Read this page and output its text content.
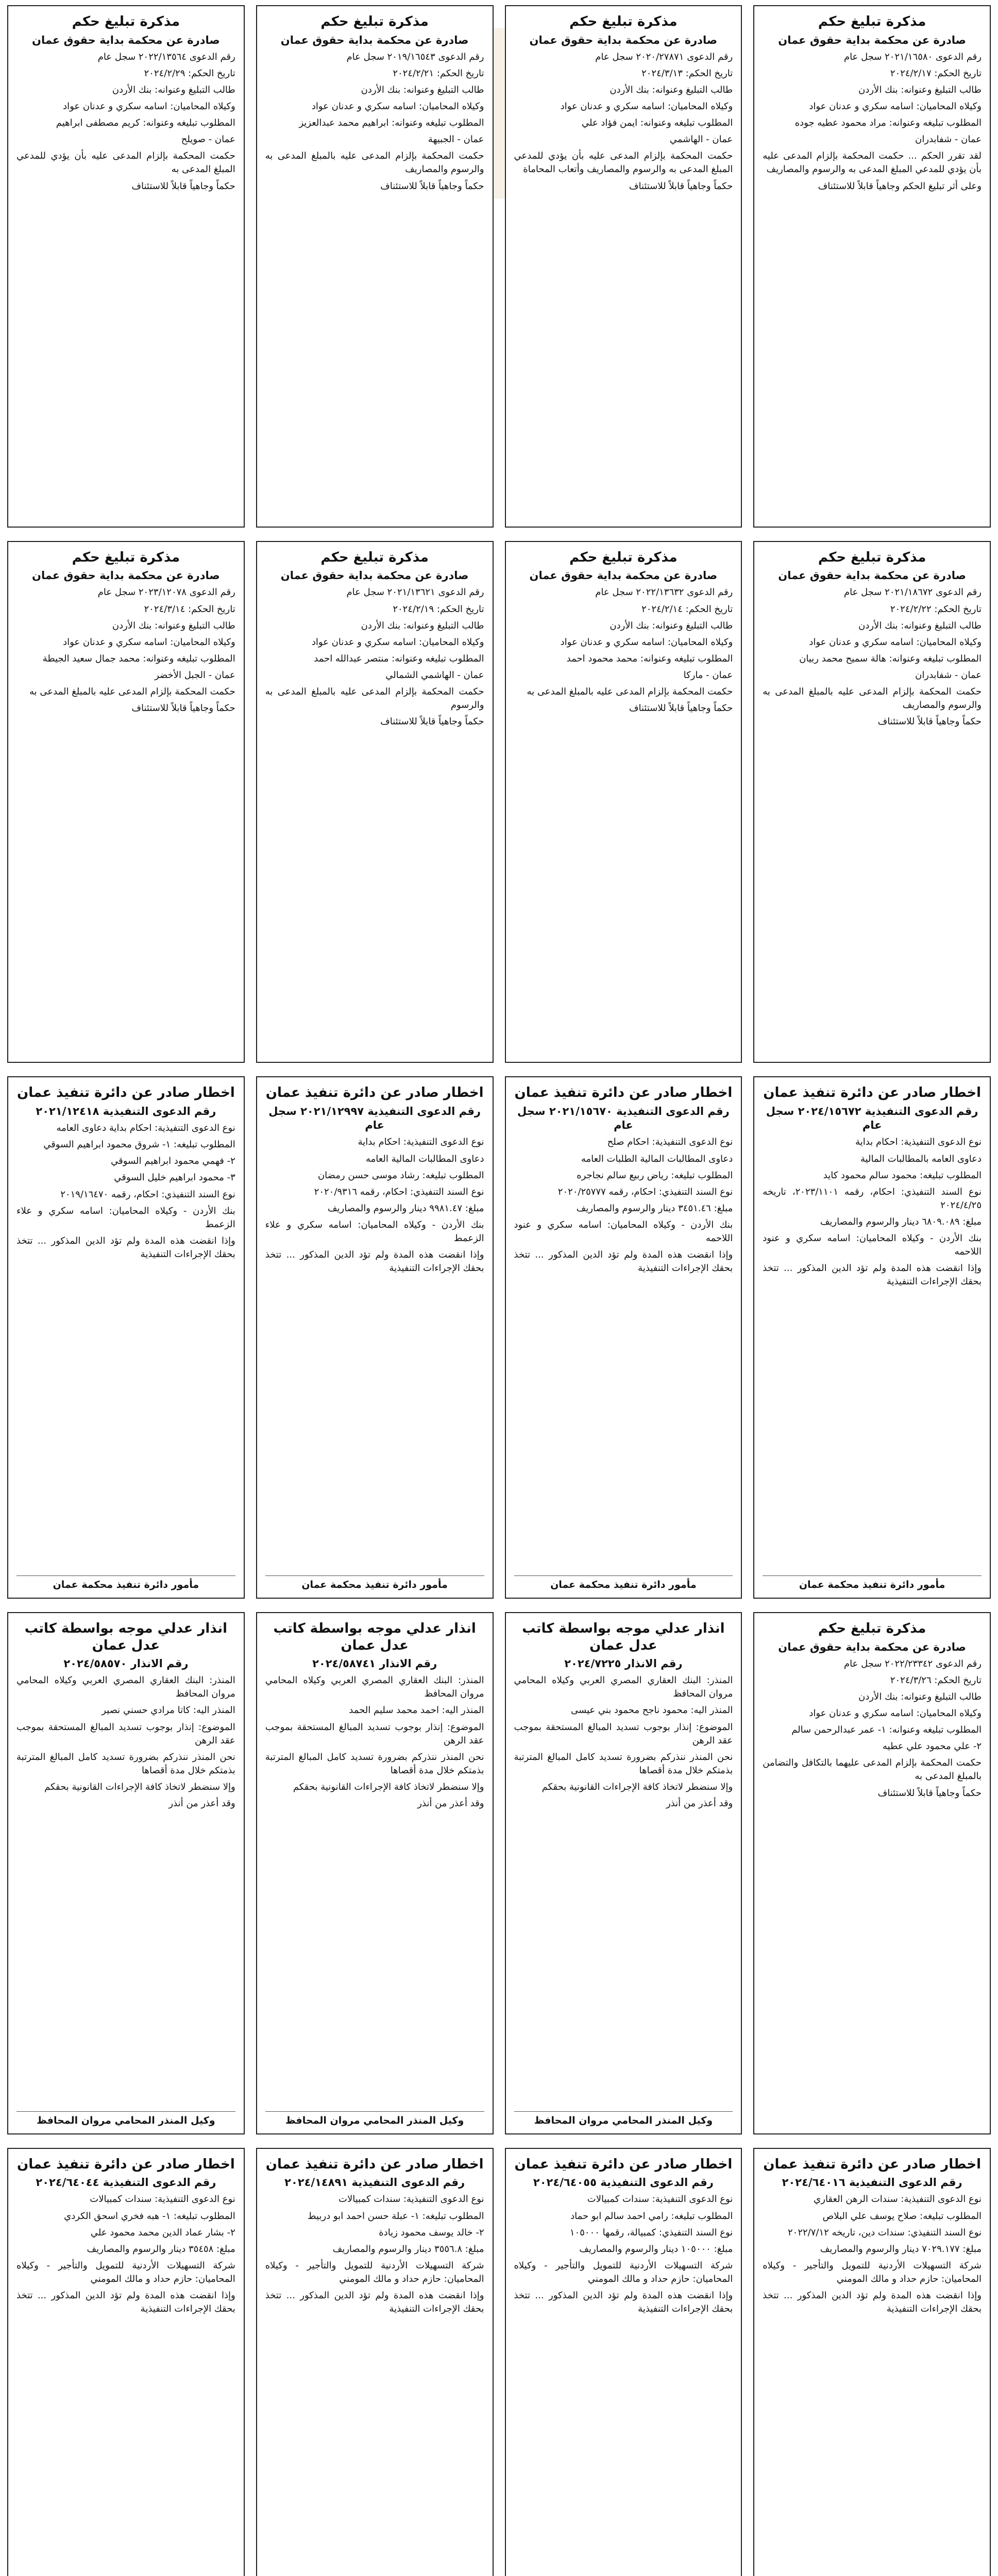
مذكرة تبليغ حكم
صادرة عن محكمة بداية حقوق عمان
رقم الدعوى ٢٠٢١/١٦٥٨٠ سجل عام
تاريخ الحكم: ٢٠٢٤/٢/١٧
طالب التبليغ وعنوانه: بنك الأردن
وكيلاه المحاميان: اسامه سكري و عدنان عواد
المطلوب تبليغه وعنوانه: مراد محمود عطيه جوده
عمان - شفابدران
لقد تقرر الحكم ... حكمت المحكمة بإلزام المدعى عليه بأن يؤدي للمدعي المبلغ المدعى به والرسوم والمصاريف
وعلى أثر تبليغ الحكم وجاهياً قابلاً للاستئناف
مذكرة تبليغ حكم
صادرة عن محكمة بداية حقوق عمان
رقم الدعوى ٢٠٢٠/٢٧٨٧١ سجل عام
تاريخ الحكم: ٢٠٢٤/٣/١٣
طالب التبليغ وعنوانه: بنك الأردن
وكيلاه المحاميان: اسامه سكري و عدنان عواد
المطلوب تبليغه وعنوانه: ايمن فؤاد علي
عمان - الهاشمي
حكمت المحكمة بإلزام المدعى عليه بأن يؤدي للمدعي المبلغ المدعى به والرسوم والمصاريف وأتعاب المحاماة
حكماً وجاهياً قابلاً للاستئناف
مذكرة تبليغ حكم
صادرة عن محكمة بداية حقوق عمان
رقم الدعوى ٢٠١٩/١٦٥٤٣ سجل عام
تاريخ الحكم: ٢٠٢٤/٢/٢١
طالب التبليغ وعنوانه: بنك الأردن
وكيلاه المحاميان: اسامه سكري و عدنان عواد
المطلوب تبليغه وعنوانه: ابراهيم محمد عبدالعزيز
عمان - الجبيهة
حكمت المحكمة بإلزام المدعى عليه بالمبلغ المدعى به والرسوم والمصاريف
حكماً وجاهياً قابلاً للاستئناف
مذكرة تبليغ حكم
صادرة عن محكمة بداية حقوق عمان
رقم الدعوى ٢٠٢٢/١٣٥٦٤ سجل عام
تاريخ الحكم: ٢٠٢٤/٢/٢٩
طالب التبليغ وعنوانه: بنك الأردن
وكيلاه المحاميان: اسامه سكري و عدنان عواد
المطلوب تبليغه وعنوانه: كريم مصطفى ابراهيم
عمان - صويلح
حكمت المحكمة بإلزام المدعى عليه بأن يؤدي للمدعي المبلغ المدعى به
حكماً وجاهياً قابلاً للاستئناف
مذكرة تبليغ حكم
صادرة عن محكمة بداية حقوق عمان
رقم الدعوى ٢٠٢١/١٨٦٧٢ سجل عام
تاريخ الحكم: ٢٠٢٤/٢/٢٢
طالب التبليغ وعنوانه: بنك الأردن
وكيلاه المحاميان: اسامه سكري و عدنان عواد
المطلوب تبليغه وعنوانه: هالة سميح محمد ربيان
عمان - شفابدران
حكمت المحكمة بإلزام المدعى عليه بالمبلغ المدعى به والرسوم والمصاريف
حكماً وجاهياً قابلاً للاستئناف
مذكرة تبليغ حكم
صادرة عن محكمة بداية حقوق عمان
رقم الدعوى ٢٠٢٢/١٣٦٣٢ سجل عام
تاريخ الحكم: ٢٠٢٤/٢/١٤
طالب التبليغ وعنوانه: بنك الأردن
وكيلاه المحاميان: اسامه سكري و عدنان عواد
المطلوب تبليغه وعنوانه: محمد محمود احمد
عمان - ماركا
حكمت المحكمة بإلزام المدعى عليه بالمبلغ المدعى به
حكماً وجاهياً قابلاً للاستئناف
مذكرة تبليغ حكم
صادرة عن محكمة بداية حقوق عمان
رقم الدعوى ٢٠٢١/١٣٦٢١ سجل عام
تاريخ الحكم: ٢٠٢٤/٢/١٩
طالب التبليغ وعنوانه: بنك الأردن
وكيلاه المحاميان: اسامه سكري و عدنان عواد
المطلوب تبليغه وعنوانه: منتصر عبدالله احمد
عمان - الهاشمي الشمالي
حكمت المحكمة بإلزام المدعى عليه بالمبلغ المدعى به والرسوم
حكماً وجاهياً قابلاً للاستئناف
مذكرة تبليغ حكم
صادرة عن محكمة بداية حقوق عمان
رقم الدعوى ٢٠٢٣/١٢٠٧٨ سجل عام
تاريخ الحكم: ٢٠٢٤/٣/١٤
طالب التبليغ وعنوانه: بنك الأردن
وكيلاه المحاميان: اسامه سكري و عدنان عواد
المطلوب تبليغه وعنوانه: محمد جمال سعيد الجيطة
عمان - الجبل الأخضر
حكمت المحكمة بإلزام المدعى عليه بالمبلغ المدعى به
حكماً وجاهياً قابلاً للاستئناف
اخطار صادر عن دائرة تنفيذ عمان
رقم الدعوى التنفيذية ٢٠٢٤/١٥٦٧٢ سجل عام
نوع الدعوى التنفيذية: احكام بداية
دعاوى العامه بالمطالبات المالية
المطلوب تبليغه: محمود سالم محمود كايد
نوع السند التنفيذي: احكام، رقمه ٢٠٢٣/١١٠١، تاريخه ٢٠٢٤/٤/٢٥
مبلغ: ٦٨٠٩.٠٨٩ دينار والرسوم والمصاريف
بنك الأردن - وكيلاه المحاميان: اسامه سكري و عنود اللاحمه
وإذا انقضت هذه المدة ولم تؤد الدين المذكور ... تتخذ بحقك الإجراءات التنفيذية
مأمور دائرة تنفيذ محكمة عمان
اخطار صادر عن دائرة تنفيذ عمان
رقم الدعوى التنفيذية ٢٠٢١/١٥٦٧٠ سجل عام
نوع الدعوى التنفيذية: احكام صلح
دعاوى المطالبات المالية الطلبات العامه
المطلوب تبليغه: رياض ربيع سالم نجاجره
نوع السند التنفيذي: احكام، رقمه ٢٠٢٠/٢٥٧٧٧
مبلغ: ٣٤٥١.٤٦ دينار والرسوم والمصاريف
بنك الأردن - وكيلاه المحاميان: اسامه سكري و عنود اللاحمه
وإذا انقضت هذه المدة ولم تؤد الدين المذكور ... تتخذ بحقك الإجراءات التنفيذية
مأمور دائرة تنفيذ محكمة عمان
اخطار صادر عن دائرة تنفيذ عمان
رقم الدعوى التنفيذية ٢٠٢١/١٢٩٩٧ سجل عام
نوع الدعوى التنفيذية: احكام بداية
دعاوى المطالبات المالية العامه
المطلوب تبليغه: رشاد موسى حسن رمضان
نوع السند التنفيذي: احكام، رقمه ٢٠٢٠/٩٣١٦
مبلغ: ٩٩٨١.٤٧ دينار والرسوم والمصاريف
بنك الأردن - وكيلاه المحاميان: اسامه سكري و علاء الزعمط
وإذا انقضت هذه المدة ولم تؤد الدين المذكور ... تتخذ بحقك الإجراءات التنفيذية
مأمور دائرة تنفيذ محكمة عمان
اخطار صادر عن دائرة تنفيذ عمان
رقم الدعوى التنفيذية ٢٠٢١/١٢٤١٨
نوع الدعوى التنفيذية: احكام بداية دعاوى العامه
المطلوب تبليغه: ١- شروق محمود ابراهيم السوقي
٢- فهمي محمود ابراهيم السوقي
٣- محمود ابراهيم خليل السوقي
نوع السند التنفيذي: احكام، رقمه ٢٠١٩/١٦٤٧٠
بنك الأردن - وكيلاه المحاميان: اسامه سكري و علاء الزعمط
وإذا انقضت هذه المدة ولم تؤد الدين المذكور ... تتخذ بحقك الإجراءات التنفيذية
مأمور دائرة تنفيذ محكمة عمان
مذكرة تبليغ حكم
صادرة عن محكمة بداية حقوق عمان
رقم الدعوى ٢٠٢٢/٢٣٣٤٢ سجل عام
تاريخ الحكم: ٢٠٢٤/٣/٢٦
طالب التبليغ وعنوانه: بنك الأردن
وكيلاه المحاميان: اسامه سكري و عدنان عواد
المطلوب تبليغه وعنوانه: ١- عمر عبدالرحمن سالم
٢- علي محمود علي عطيه
حكمت المحكمة بإلزام المدعى عليهما بالتكافل والتضامن بالمبلغ المدعى به
حكماً وجاهياً قابلاً للاستئناف
انذار عدلي موجه بواسطة كاتب عدل عمان
رقم الانذار ٢٠٢٤/٧٢٢٥
المنذر: البنك العقاري المصري العربي وكيلاه المحامي مروان المحافظ
المنذر اليه: محمود ناجح محمود بني عيسى
الموضوع: إنذار بوجوب تسديد المبالغ المستحقة بموجب عقد الرهن
نحن المنذر ننذركم بضرورة تسديد كامل المبالغ المترتبة بذمتكم خلال مدة أقصاها
وإلا سنضطر لاتخاذ كافة الإجراءات القانونية بحقكم
وقد أعذر من أنذر
وكيل المنذر المحامي مروان المحافظ
انذار عدلي موجه بواسطة كاتب عدل عمان
رقم الانذار ٢٠٢٤/٥٨٧٤١
المنذر: البنك العقاري المصري العربي وكيلاه المحامي مروان المحافظ
المنذر اليه: احمد محمد سليم الحمد
الموضوع: إنذار بوجوب تسديد المبالغ المستحقة بموجب عقد الرهن
نحن المنذر ننذركم بضرورة تسديد كامل المبالغ المترتبة بذمتكم خلال مدة أقصاها
وإلا سنضطر لاتخاذ كافة الإجراءات القانونية بحقكم
وقد أعذر من أنذر
وكيل المنذر المحامي مروان المحافظ
انذار عدلي موجه بواسطة كاتب عدل عمان
رقم الانذار ٢٠٢٤/٥٨٥٧٠
المنذر: البنك العقاري المصري العربي وكيلاه المحامي مروان المحافظ
المنذر اليه: كاتا مرادي حسني نصير
الموضوع: إنذار بوجوب تسديد المبالغ المستحقة بموجب عقد الرهن
نحن المنذر ننذركم بضرورة تسديد كامل المبالغ المترتبة بذمتكم خلال مدة أقصاها
وإلا سنضطر لاتخاذ كافة الإجراءات القانونية بحقكم
وقد أعذر من أنذر
وكيل المنذر المحامي مروان المحافظ
اخطار صادر عن دائرة تنفيذ عمان
رقم الدعوى التنفيذية ٢٠٢٤/٦٤٠١٦
نوع الدعوى التنفيذية: سندات الرهن العقاري
المطلوب تبليغه: صلاح يوسف علي البلاص
نوع السند التنفيذي: سندات دين، تاريخه ٢٠٢٢/٧/١٢
مبلغ: ٧٠٢٩.١٧٧ دينار والرسوم والمصاريف
شركة التسهيلات الأردنية للتمويل والتأجير - وكيلاه المحاميان: حازم حداد و مالك المومني
وإذا انقضت هذه المدة ولم تؤد الدين المذكور ... تتخذ بحقك الإجراءات التنفيذية
اخطار صادر عن دائرة تنفيذ عمان
رقم الدعوى التنفيذية ٢٠٢٤/٦٤٠٥٥
نوع الدعوى التنفيذية: سندات كمبيالات
المطلوب تبليغه: رامي احمد سالم ابو حماد
نوع السند التنفيذي: كمبيالة، رقمها ١٠٥٠٠٠
مبلغ: ١٠٥٠٠٠ دينار والرسوم والمصاريف
شركة التسهيلات الأردنية للتمويل والتأجير - وكيلاه المحاميان: حازم حداد و مالك المومني
وإذا انقضت هذه المدة ولم تؤد الدين المذكور ... تتخذ بحقك الإجراءات التنفيذية
اخطار صادر عن دائرة تنفيذ عمان
رقم الدعوى التنفيذية ٢٠٢٤/١٤٨٩١
نوع الدعوى التنفيذية: سندات كمبيالات
المطلوب تبليغه: ١- عبلة حسن احمد ابو دربيط
٢- خالد يوسف محمود زيادة
مبلغ: ٣٥٥٦.٨ دينار والرسوم والمصاريف
شركة التسهيلات الأردنية للتمويل والتأجير - وكيلاه المحاميان: حازم حداد و مالك المومني
وإذا انقضت هذه المدة ولم تؤد الدين المذكور ... تتخذ بحقك الإجراءات التنفيذية
اخطار صادر عن دائرة تنفيذ عمان
رقم الدعوى التنفيذية ٢٠٢٤/٦٤٠٤٤
نوع الدعوى التنفيذية: سندات كمبيالات
المطلوب تبليغه: ١- هبه فخري اسحق الكردي
٢- بشار عماد الدين محمد محمود علي
مبلغ: ٣٥٤٥٨ دينار والرسوم والمصاريف
شركة التسهيلات الأردنية للتمويل والتأجير - وكيلاه المحاميان: حازم حداد و مالك المومني
وإذا انقضت هذه المدة ولم تؤد الدين المذكور ... تتخذ بحقك الإجراءات التنفيذية
